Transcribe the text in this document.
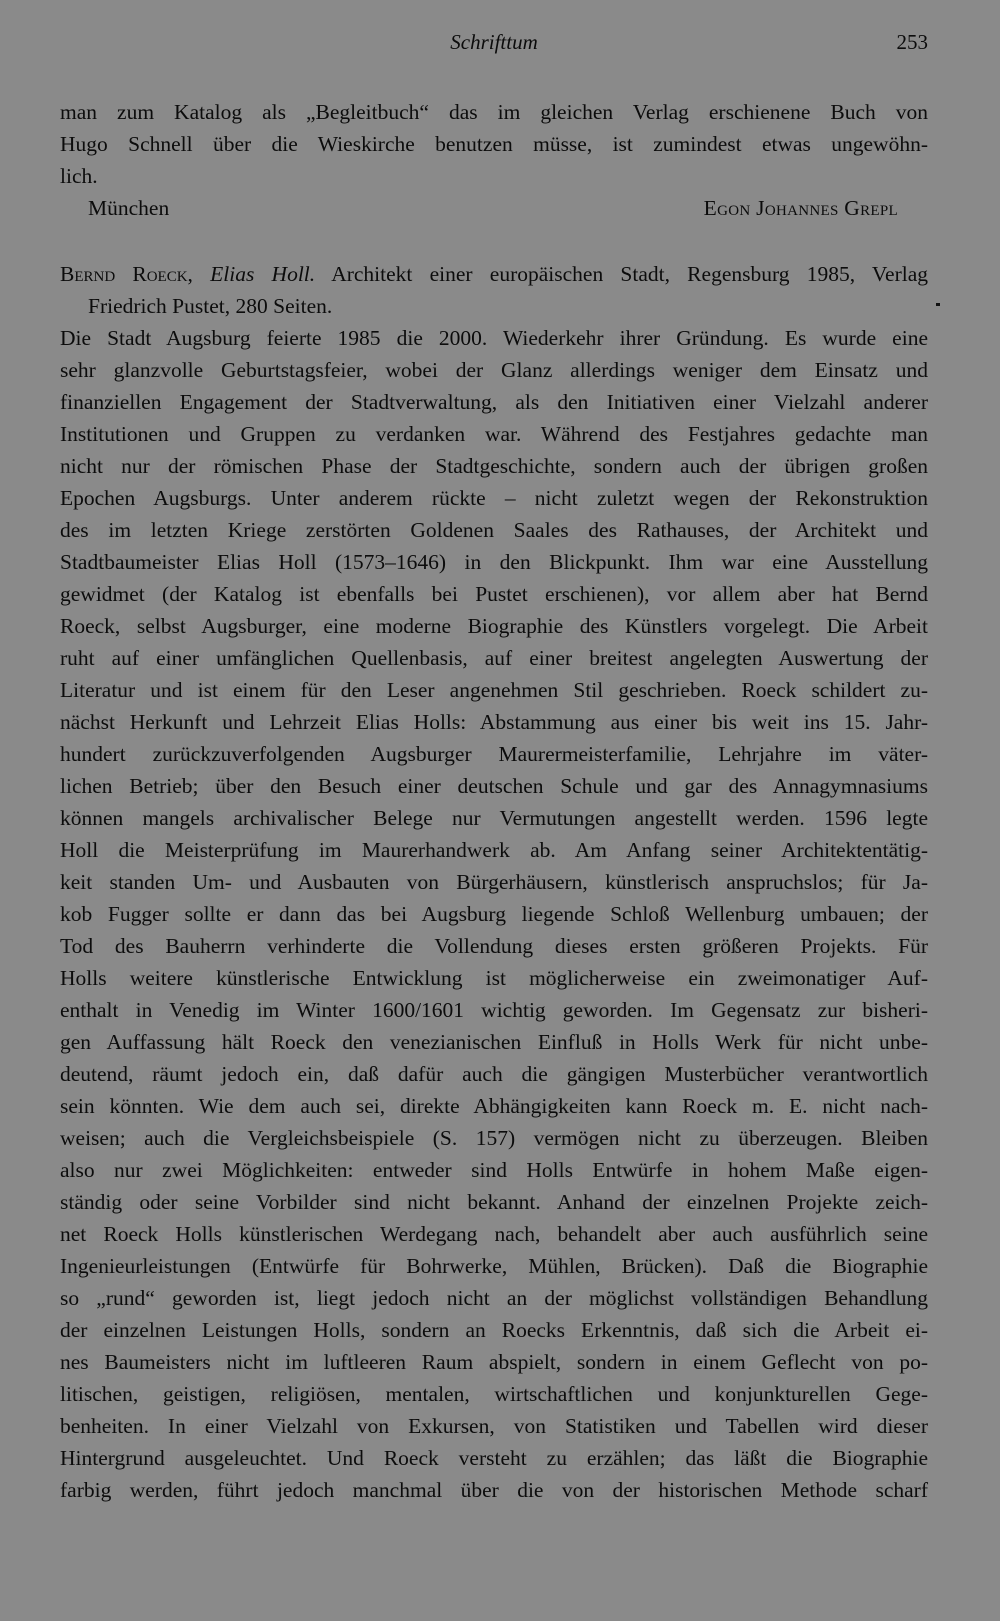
Schrifttum	253
man zum Katalog als „Begleitbuch“ das im gleichen Verlag erschienene Buch von
Hugo Schnell über die Wieskirche benutzen müsse, ist zumindest etwas ungewöhn-
lich.
München	Egon Johannes Grepl
Bernd Roeck, Elias Holl. Architekt einer europäischen Stadt, Regensburg 1985, Verlag
Friedrich Pustet, 280 Seiten.
Die Stadt Augsburg feierte 1985 die 2000. Wiederkehr ihrer Gründung. Es wurde eine
sehr glanzvolle Geburtstagsfeier, wobei der Glanz allerdings weniger dem Einsatz und
finanziellen Engagement der Stadtverwaltung, als den Initiativen einer Vielzahl anderer
Institutionen und Gruppen zu verdanken war. Während des Festjahres gedachte man
nicht nur der römischen Phase der Stadtgeschichte, sondern auch der übrigen großen
Epochen Augsburgs. Unter anderem rückte – nicht zuletzt wegen der Rekonstruktion
des im letzten Kriege zerstörten Goldenen Saales des Rathauses, der Architekt und
Stadtbaumeister Elias Holl (1573–1646) in den Blickpunkt. Ihm war eine Ausstellung
gewidmet (der Katalog ist ebenfalls bei Pustet erschienen), vor allem aber hat Bernd
Roeck, selbst Augsburger, eine moderne Biographie des Künstlers vorgelegt. Die Arbeit
ruht auf einer umfänglichen Quellenbasis, auf einer breitest angelegten Auswertung der
Literatur und ist einem für den Leser angenehmen Stil geschrieben. Roeck schildert zu-
nächst Herkunft und Lehrzeit Elias Holls: Abstammung aus einer bis weit ins 15. Jahr-
hundert zurückzuverfolgenden Augsburger Maurermeisterfamilie, Lehrjahre im väter-
lichen Betrieb; über den Besuch einer deutschen Schule und gar des Annagymnasiums
können mangels archivalischer Belege nur Vermutungen angestellt werden. 1596 legte
Holl die Meisterprüfung im Maurerhandwerk ab. Am Anfang seiner Architektentätig-
keit standen Um- und Ausbauten von Bürgerhäusern, künstlerisch anspruchslos; für Ja-
kob Fugger sollte er dann das bei Augsburg liegende Schloß Wellenburg umbauen; der
Tod des Bauherrn verhinderte die Vollendung dieses ersten größeren Projekts. Für
Holls weitere künstlerische Entwicklung ist möglicherweise ein zweimonatiger Auf-
enthalt in Venedig im Winter 1600/1601 wichtig geworden. Im Gegensatz zur bisheri-
gen Auffassung hält Roeck den venezianischen Einfluß in Holls Werk für nicht unbe-
deutend, räumt jedoch ein, daß dafür auch die gängigen Musterbücher verantwortlich
sein könnten. Wie dem auch sei, direkte Abhängigkeiten kann Roeck m. E. nicht nach-
weisen; auch die Vergleichsbeispiele (S. 157) vermögen nicht zu überzeugen. Bleiben
also nur zwei Möglichkeiten: entweder sind Holls Entwürfe in hohem Maße eigen-
ständig oder seine Vorbilder sind nicht bekannt. Anhand der einzelnen Projekte zeich-
net Roeck Holls künstlerischen Werdegang nach, behandelt aber auch ausführlich seine
Ingenieurleistungen (Entwürfe für Bohrwerke, Mühlen, Brücken). Daß die Biographie
so „rund“ geworden ist, liegt jedoch nicht an der möglichst vollständigen Behandlung
der einzelnen Leistungen Holls, sondern an Roecks Erkenntnis, daß sich die Arbeit ei-
nes Baumeisters nicht im luftleeren Raum abspielt, sondern in einem Geflecht von po-
litischen, geistigen, religiösen, mentalen, wirtschaftlichen und konjunkturellen Gege-
benheiten. In einer Vielzahl von Exkursen, von Statistiken und Tabellen wird dieser
Hintergrund ausgeleuchtet. Und Roeck versteht zu erzählen; das läßt die Biographie
farbig werden, führt jedoch manchmal über die von der historischen Methode scharf
